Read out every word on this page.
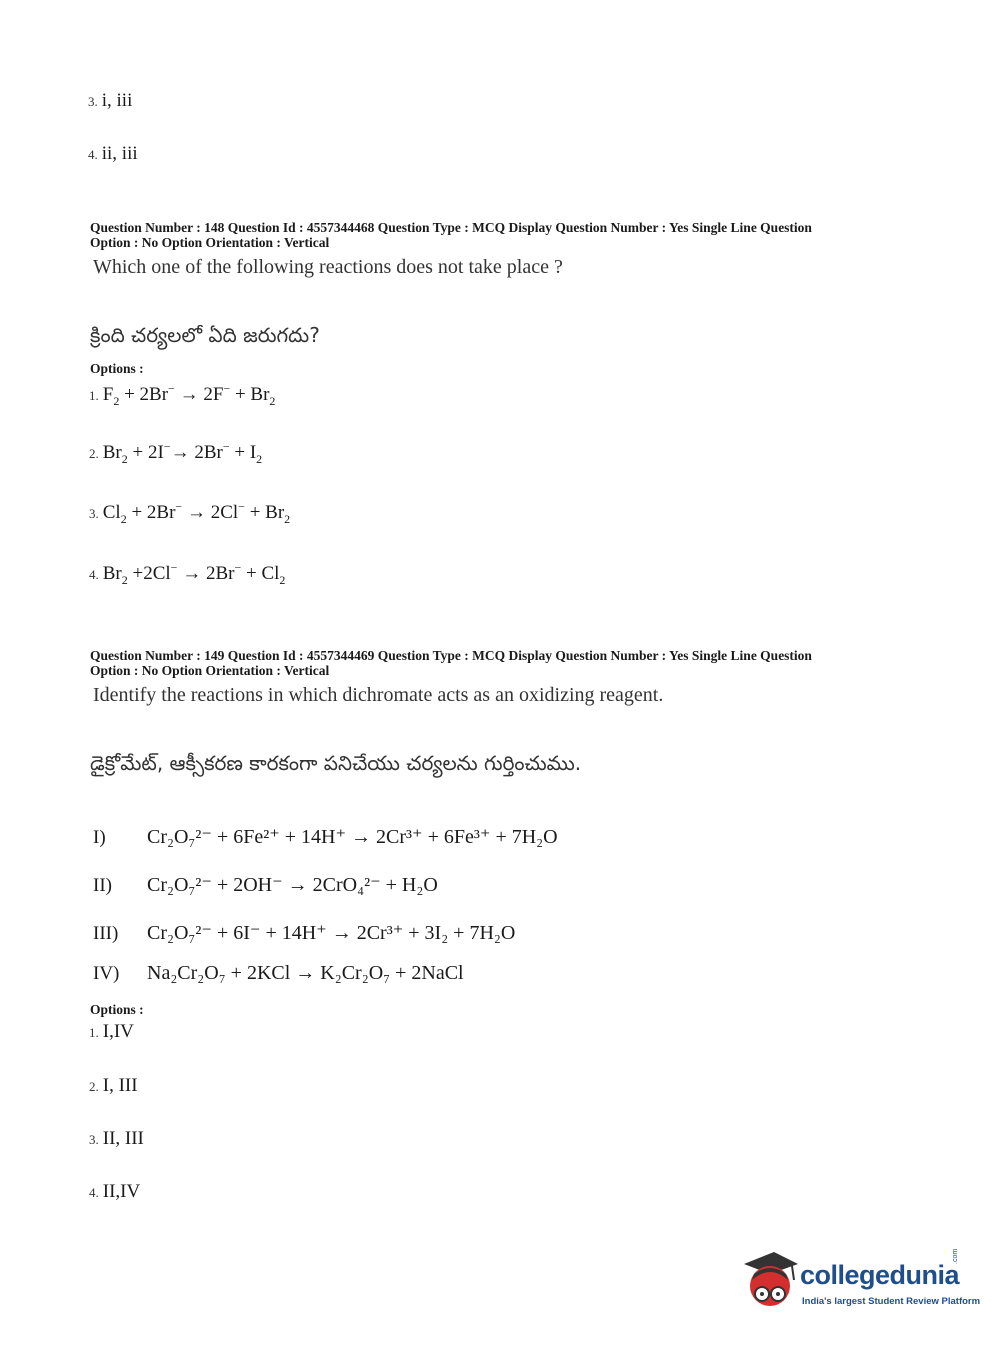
3. i, iii
4. ii, iii
Question Number : 148 Question Id : 4557344468 Question Type : MCQ Display Question Number : Yes Single Line Question
Option : No Option Orientation : Vertical
Which one of the following reactions does not take place ?
క్రింది చర్యలలో ఏది జరుగదు?
Options :
1. $F_2 + 2Br^- \to 2F^- + Br_2$
2. $Br_2 + 2I^-\to 2Br^- + I_2$
3. $Cl_2 + 2Br^- \to 2Cl^- + Br_2$
4. $Br_2 +2Cl^- \to 2Br^- + Cl_2$
Question Number : 149 Question Id : 4557344469 Question Type : MCQ Display Question Number : Yes Single Line Question
Option : No Option Orientation : Vertical
Identify the reactions in which dichromate acts as an oxidizing reagent.
డైక్రోమేట్, ఆక్సీకరణ కారకంగా పనిచేయు చర్యలను గుర్తించుము.
I) Cr₂O₇²⁻ + 6Fe²⁺ + 14H⁺ → 2Cr³⁺ + 6Fe³⁺ + 7H₂O
II) Cr₂O₇²⁻ + 2OH⁻ → 2CrO₄²⁻ + H₂O
III) Cr₂O₇²⁻ + 6I⁻ + 14H⁺ → 2Cr³⁺ + 3I₂ + 7H₂O
IV) Na₂Cr₂O₇ + 2KCl → K₂Cr₂O₇ + 2NaCl
Options :
1. I,IV
2. I, III
3. II, III
4. II,IV
collegedunia
.com
India's largest Student Review Platform
